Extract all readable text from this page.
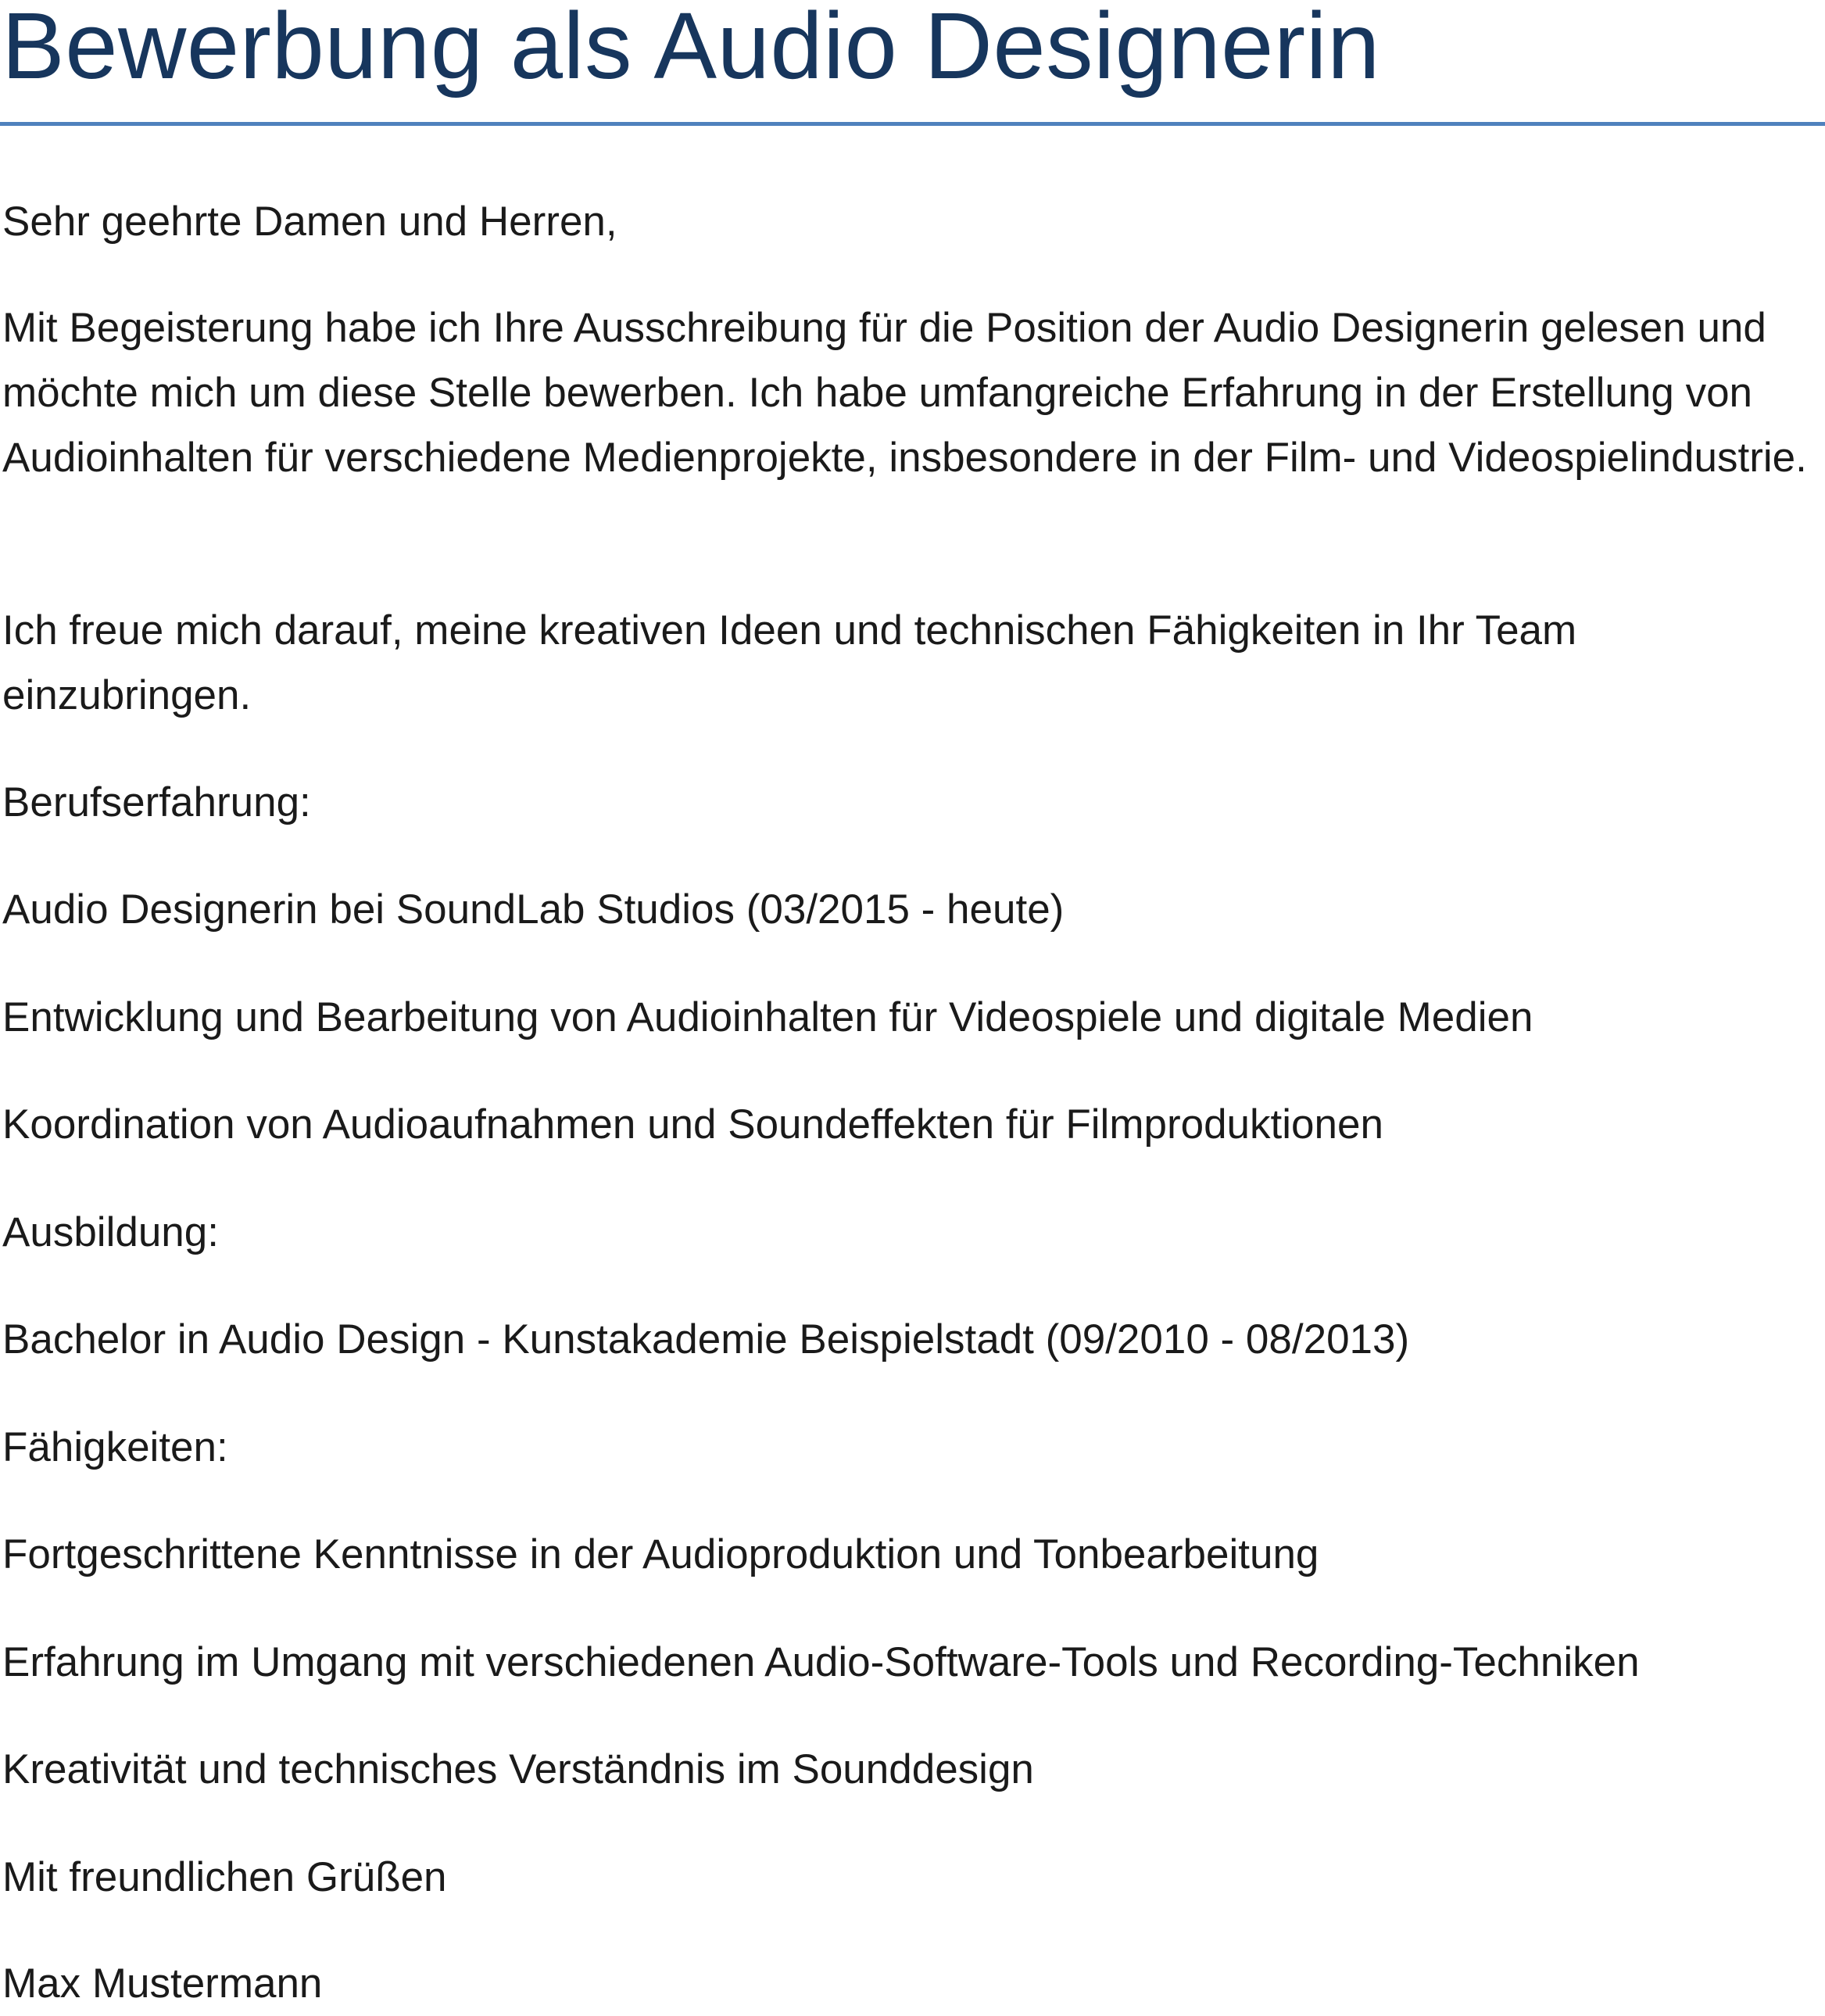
Bewerbung als Audio Designerin

Sehr geehrte Damen und Herren,

Mit Begeisterung habe ich Ihre Ausschreibung für die Position der Audio Designerin gelesen und möchte mich um diese Stelle bewerben. Ich habe umfangreiche Erfahrung in der Erstellung von Audioinhalten für verschiedene Medienprojekte, insbesondere in der Film- und Videospielindustrie.

Ich freue mich darauf, meine kreativen Ideen und technischen Fähigkeiten in Ihr Team einzubringen.

Berufserfahrung:

Audio Designerin bei SoundLab Studios (03/2015 - heute)

Entwicklung und Bearbeitung von Audioinhalten für Videospiele und digitale Medien

Koordination von Audioaufnahmen und Soundeffekten für Filmproduktionen

Ausbildung:

Bachelor in Audio Design - Kunstakademie Beispielstadt (09/2010 - 08/2013)

Fähigkeiten:

Fortgeschrittene Kenntnisse in der Audioproduktion und Tonbearbeitung

Erfahrung im Umgang mit verschiedenen Audio-Software-Tools und Recording-Techniken

Kreativität und technisches Verständnis im Sounddesign

Mit freundlichen Grüßen

Max Mustermann
